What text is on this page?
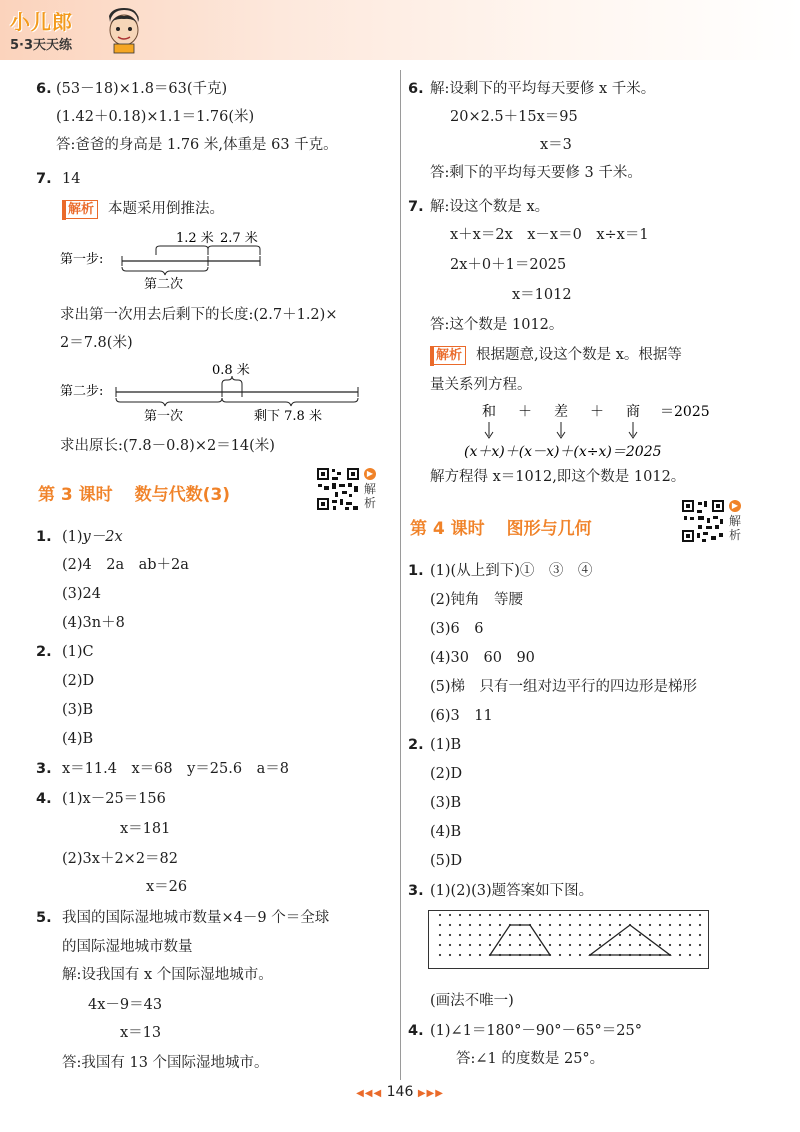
小儿郎
5·3天天练
6. (53－18)×1.8＝63(千克)
(1.42＋0.18)×1.1＝1.76(米)
答:爸爸的身高是 1.76 米,体重是 63 千克。
7. 14
解析 本题采用倒推法。
第一步:
1.2 米 2.7 米
第二次
求出第一次用去后剩下的长度:(2.7＋1.2)×
2＝7.8(米)
第二步:
0.8 米
第一次	剩下 7.8 米
求出原长:(7.8－0.8)×2＝14(米)
第 3 课时 数与代数(3)
▶
解析
1. (1)y－2x
(2)4　2a　ab＋2a
(3)24
(4)3n＋8
2. (1)C
(2)D
(3)B
(4)B
3. x＝11.4　x＝68　y＝25.6　a＝8
4. (1)x－25＝156
x＝181
(2)3x＋2×2＝82
x＝26
5. 我国的国际湿地城市数量×4－9 个＝全球
的国际湿地城市数量
解:设我国有 x 个国际湿地城市。
4x－9＝43
x＝13
答:我国有 13 个国际湿地城市。
6. 解:设剩下的平均每天要修 x 千米。
20×2.5＋15x＝95
x＝3
答:剩下的平均每天要修 3 千米。
7. 解:设这个数是 x。
x＋x＝2x　x－x＝0　x÷x＝1
2x＋0＋1＝2025
x＝1012
答:这个数是 1012。
解析 根据题意,设这个数是 x。根据等
量关系列方程。
和 ＋ 差 ＋ 商 ＝2025
(x＋x)＋(x－x)＋(x÷x)＝2025
解方程得 x＝1012,即这个数是 1012。
第 4 课时 图形与几何
▶
解析
1. (1)(从上到下)①　③　④
(2)钝角　等腰
(3)6　6
(4)30　60　90
(5)梯　只有一组对边平行的四边形是梯形
(6)3　11
2. (1)B
(2)D
(3)B
(4)B
(5)D
3. (1)(2)(3)题答案如下图。
(画法不唯一)
4. (1)∠1＝180°－90°－65°＝25°
答:∠1 的度数是 25°。
◀◀◀ 146 ▶▶▶
